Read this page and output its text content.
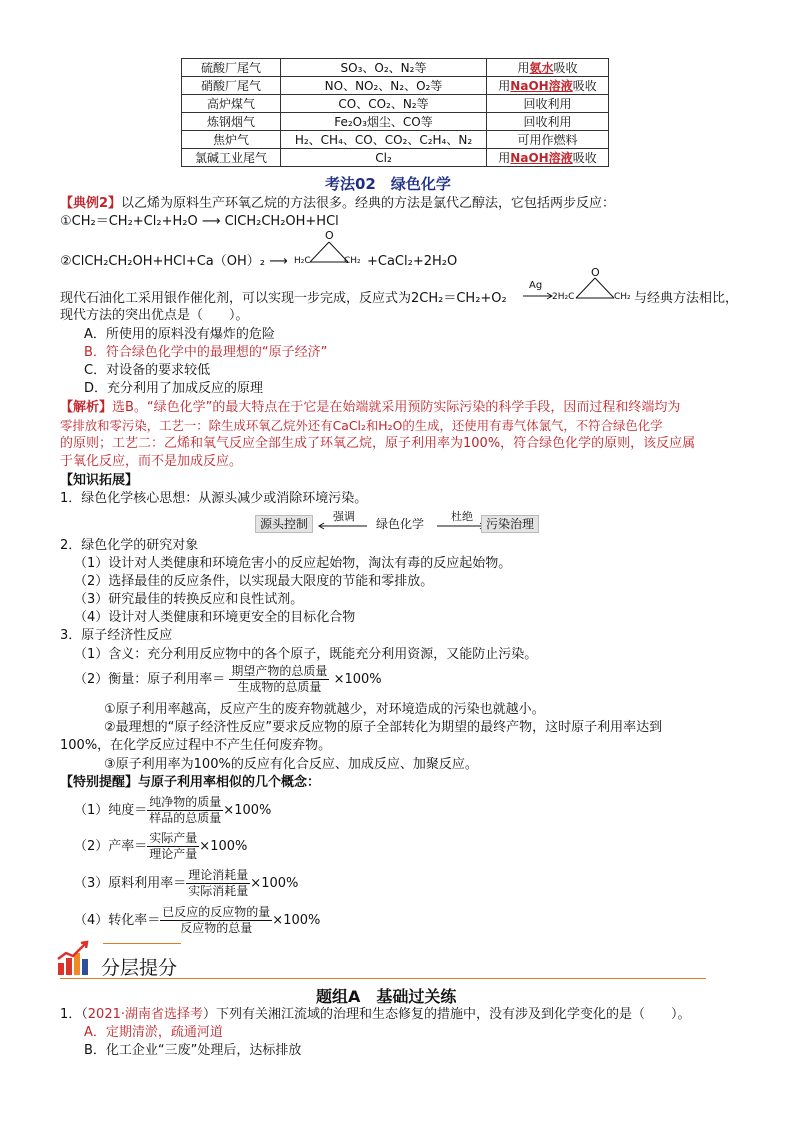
硫酸厂尾气	SO₃、O₂、N₂等	用氨水吸收
硝酸厂尾气	NO、NO₂、N₂、O₂等	用NaOH溶液吸收
高炉煤气	CO、CO₂、N₂等	回收利用
炼钢烟气	Fe₂O₃烟尘、CO等	回收利用
焦炉气	H₂、CH₄、CO、CO₂、C₂H₄、N₂	可用作燃料
氯碱工业尾气	Cl₂	用NaOH溶液吸收
考法02　绿色化学
【典例2】以乙烯为原料生产环氧乙烷的方法很多。经典的方法是氯代乙醇法，它包括两步反应：
①CH₂＝CH₂+Cl₂+H₂O ⟶ ClCH₂CH₂OH+HCl
②ClCH₂CH₂OH+HCl+Ca（OH）₂ ⟶
O
H₂C	CH₂ +CaCl₂+2H₂O
现代石油化工采用银作催化剂，可以实现一步完成，反应式为2CH₂＝CH₂+O₂
Ag
O
2H₂C	CH₂ 与经典方法相比，
现代方法的突出优点是（　　）。
A．所使用的原料没有爆炸的危险
B．符合绿色化学中的最理想的“原子经济”
C．对设备的要求较低
D．充分利用了加成反应的原理
【解析】选B。“绿色化学”的最大特点在于它是在始端就采用预防实际污染的科学手段，因而过程和终端均为
零排放和零污染，工艺一：除生成环氧乙烷外还有CaCl₂和H₂O的生成，还使用有毒气体氯气，不符合绿色化学
的原则；工艺二：乙烯和氧气反应全部生成了环氧乙烷，原子利用率为100%，符合绿色化学的原则，该反应属
于氧化反应，而不是加成反应。
【知识拓展】
1．绿色化学核心思想：从源头减少或消除环境污染。
源头控制
强调
绿色化学
杜绝
污染治理
2．绿色化学的研究对象
（1）设计对人类健康和环境危害小的反应起始物，淘汰有毒的反应起始物。
（2）选择最佳的反应条件，以实现最大限度的节能和零排放。
（3）研究最佳的转换反应和良性试剂。
（4）设计对人类健康和环境更安全的目标化合物
3．原子经济性反应
（1）含义：充分利用反应物中的各个原子，既能充分利用资源，又能防止污染。
（2）衡量：原子利用率＝ $\frac{\text{期望产物的总质量}}{\text{生成物的总质量}} \times 100\%$
①原子利用率越高，反应产生的废弃物就越少，对环境造成的污染也就越小。
②最理想的“原子经济性反应”要求反应物的原子全部转化为期望的最终产物，这时原子利用率达到
100%，在化学反应过程中不产生任何废弃物。
③原子利用率为100%的反应有化合反应、加成反应、加聚反应。
【特别提醒】与原子利用率相似的几个概念：
（1）纯度＝ $\frac{\text{纯净物的质量}}{\text{样品的总质量}} \times 100\%$
（2）产率＝ $\frac{\text{实际产量}}{\text{理论产量}} \times 100\%$
（3）原料利用率＝ $\frac{\text{理论消耗量}}{\text{实际消耗量}} \times 100\%$
（4）转化率＝ $\frac{\text{已反应的反应物的量}}{\text{反应物的总量}} \times 100\%$
分层提分
题组A　基础过关练
1．（2021·湖南省选择考）下列有关湘江流域的治理和生态修复的措施中，没有涉及到化学变化的是（　　）。
A．定期清淤，疏通河道
B．化工企业“三废”处理后，达标排放
